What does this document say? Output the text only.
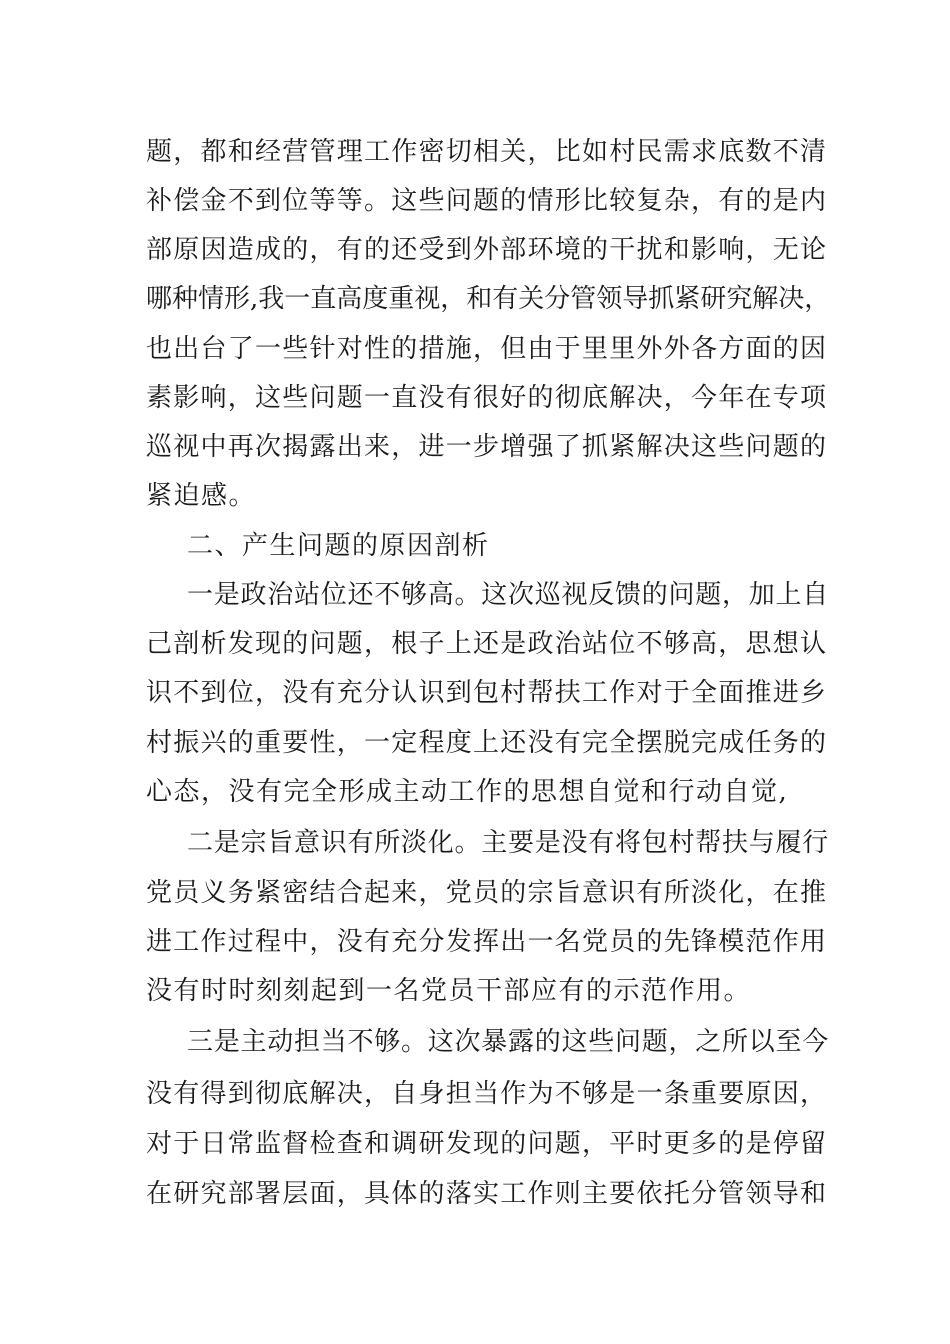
题，都和经营管理工作密切相关，比如村民需求底数不清
补偿金不到位等等。这些问题的情形比较复杂，有的是内
部原因造成的，有的还受到外部环境的干扰和影响，无论
哪种情形,我一直高度重视，和有关分管领导抓紧研究解决，
也出台了一些针对性的措施，但由于里里外外各方面的因
素影响，这些问题一直没有很好的彻底解决，今年在专项
巡视中再次揭露出来，进一步增强了抓紧解决这些问题的
紧迫感。
二、产生问题的原因剖析
一是政治站位还不够高。这次巡视反馈的问题，加上自
己剖析发现的问题，根子上还是政治站位不够高，思想认
识不到位，没有充分认识到包村帮扶工作对于全面推进乡
村振兴的重要性，一定程度上还没有完全摆脱完成任务的
心态，没有完全形成主动工作的思想自觉和行动自觉,
二是宗旨意识有所淡化。主要是没有将包村帮扶与履行
党员义务紧密结合起来，党员的宗旨意识有所淡化，在推
进工作过程中，没有充分发挥出一名党员的先锋模范作用
没有时时刻刻起到一名党员干部应有的示范作用。
三是主动担当不够。这次暴露的这些问题，之所以至今
没有得到彻底解决，自身担当作为不够是一条重要原因，
对于日常监督检查和调研发现的问题，平时更多的是停留
在研究部署层面，具体的落实工作则主要依托分管领导和
